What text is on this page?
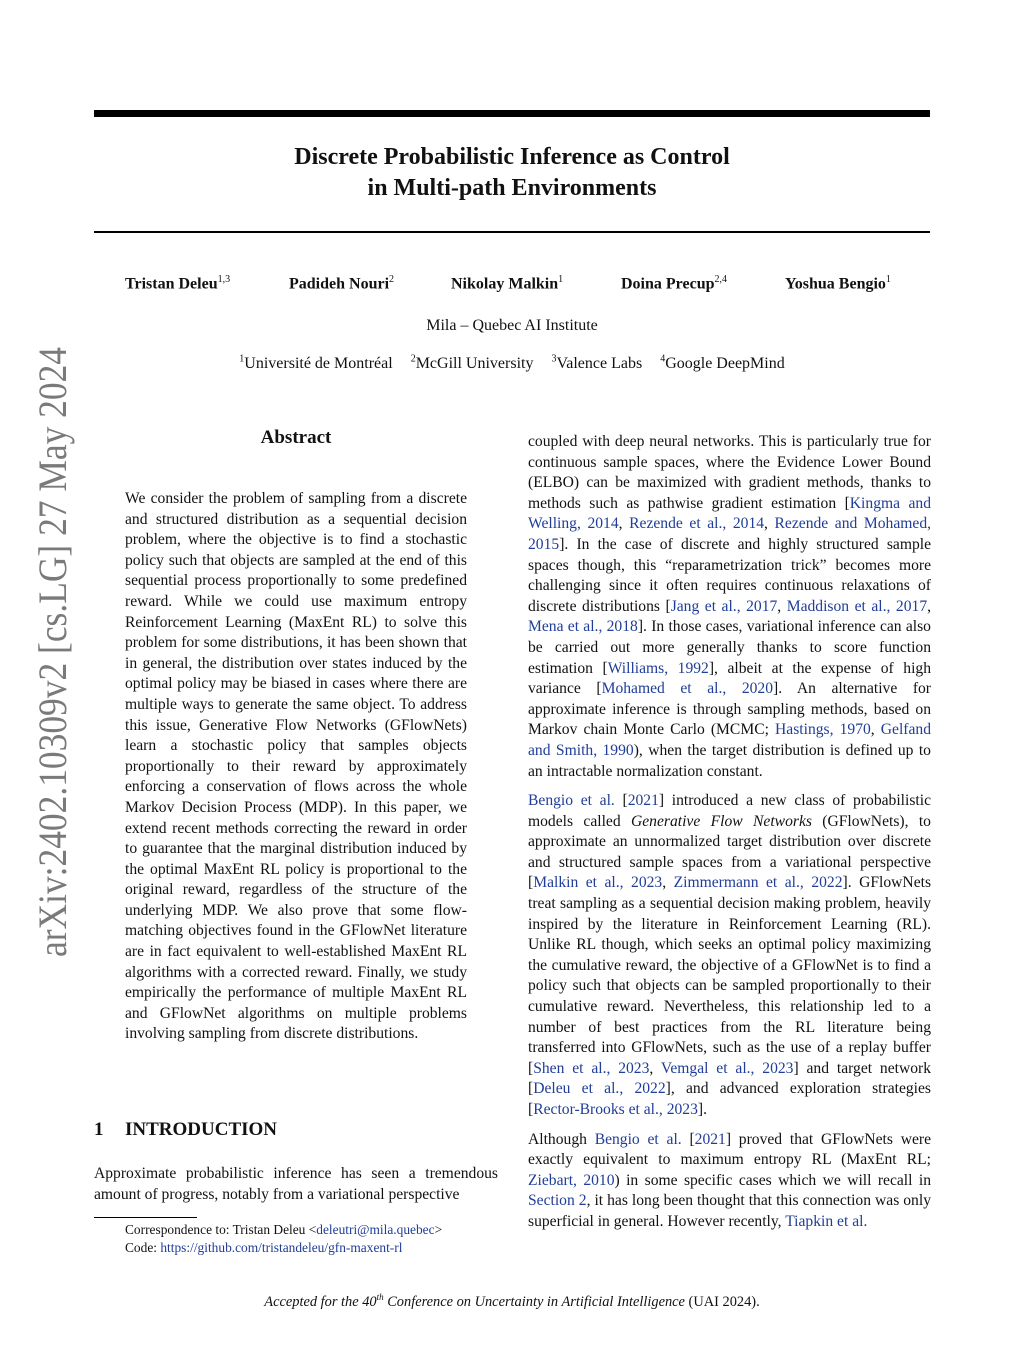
arXiv:2402.10309v2 [cs.LG] 27 May 2024
Discrete Probabilistic Inference as Control
in Multi-path Environments
Tristan Deleu$^{1,3}$	Padideh Nouri$^2$	Nikolay Malkin$^1$	Doina Precup$^{2,4}$	Yoshua Bengio$^1$
Mila – Quebec AI Institute
$^1$Université de Montréal $^2$McGill University $^3$Valence Labs $^4$Google DeepMind
Abstract
We consider the problem of sampling from a discrete and structured distribution as a sequential decision problem, where the objective is to find a stochastic policy such that objects are sampled at the end of this sequential process proportionally to some predefined reward. While we could use maximum entropy Reinforcement Learning (MaxEnt RL) to solve this problem for some distributions, it has been shown that in general, the distribution over states induced by the optimal policy may be biased in cases where there are multiple ways to generate the same object. To address this issue, Generative Flow Networks (GFlowNets) learn a stochastic policy that samples objects proportionally to their reward by approximately enforcing a conservation of flows across the whole Markov Decision Process (MDP). In this paper, we extend recent methods correcting the reward in order to guarantee that the marginal distribution induced by the optimal MaxEnt RL policy is proportional to the original reward, regardless of the structure of the underlying MDP. We also prove that some flow-matching objectives found in the GFlowNet literature are in fact equivalent to well-established MaxEnt RL algorithms with a corrected reward. Finally, we study empirically the performance of multiple MaxEnt RL and GFlowNet algorithms on multiple problems involving sampling from discrete distributions.
1 INTRODUCTION
Approximate probabilistic inference has seen a tremendous amount of progress, notably from a variational perspective
Correspondence to: Tristan Deleu <deleutri@mila.quebec>
Code: https://github.com/tristandeleu/gfn-maxent-rl

coupled with deep neural networks. This is particularly true for continuous sample spaces, where the Evidence Lower Bound (ELBO) can be maximized with gradient methods, thanks to methods such as pathwise gradient estimation [Kingma and Welling, 2014, Rezende et al., 2014, Rezende and Mohamed, 2015]. In the case of discrete and highly structured sample spaces though, this “reparametrization trick” becomes more challenging since it often requires continuous relaxations of discrete distributions [Jang et al., 2017, Maddison et al., 2017, Mena et al., 2018]. In those cases, variational inference can also be carried out more generally thanks to score function estimation [Williams, 1992], albeit at the expense of high variance [Mohamed et al., 2020]. An alternative for approximate inference is through sampling methods, based on Markov chain Monte Carlo (MCMC; Hastings, 1970, Gelfand and Smith, 1990), when the target distribution is defined up to an intractable normalization constant.

Bengio et al. [2021] introduced a new class of probabilistic models called Generative Flow Networks (GFlowNets), to approximate an unnormalized target distribution over discrete and structured sample spaces from a variational perspective [Malkin et al., 2023, Zimmermann et al., 2022]. GFlowNets treat sampling as a sequential decision making problem, heavily inspired by the literature in Reinforcement Learning (RL). Unlike RL though, which seeks an optimal policy maximizing the cumulative reward, the objective of a GFlowNet is to find a policy such that objects can be sampled proportionally to their cumulative reward. Nevertheless, this relationship led to a number of best practices from the RL literature being transferred into GFlowNets, such as the use of a replay buffer [Shen et al., 2023, Vemgal et al., 2023] and target network [Deleu et al., 2022], and advanced exploration strategies [Rector-Brooks et al., 2023].

Although Bengio et al. [2021] proved that GFlowNets were exactly equivalent to maximum entropy RL (MaxEnt RL; Ziebart, 2010) in some specific cases which we will recall in Section 2, it has long been thought that this connection was only superficial in general. However recently, Tiapkin et al.

Accepted for the 40th Conference on Uncertainty in Artificial Intelligence (UAI 2024).
